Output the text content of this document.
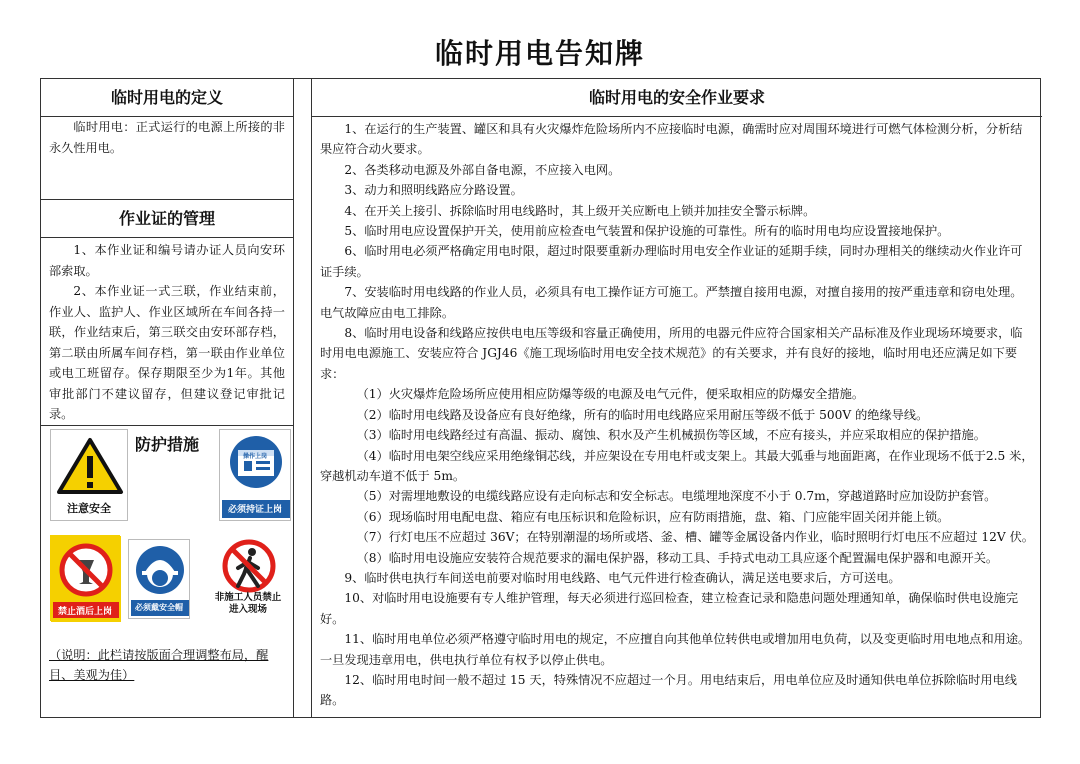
临时用电告知牌
临时用电的定义
临时用电：正式运行的电源上所接的非永久性用电。
作业证的管理
1、本作业证和编号请办证人员向安环部索取。
2、本作业证一式三联，作业结束前，作业人、监护人、作业区域所在车间各持一联，作业结束后，第三联交由安环部存档，第二联由所属车间存档，第一联由作业单位或电工班留存。保存期限至少为1年。其他审批部门不建议留存，但建议登记审批记录。
防护措施
注意安全
操作上岗
必须持证上岗
禁止酒后上岗	必须戴安全帽
非施工人员禁止进入现场
（说明：此栏请按版面合理调整布局，醒目、美观为佳）
临时用电的安全作业要求

1、在运行的生产装置、罐区和具有火灾爆炸危险场所内不应接临时电源，确需时应对周围环境进行可燃气体检测分析，分析结果应符合动火要求。

2、各类移动电源及外部自备电源，不应接入电网。

3、动力和照明线路应分路设置。

4、在开关上接引、拆除临时用电线路时，其上级开关应断电上锁并加挂安全警示标牌。

5、临时用电应设置保护开关，使用前应检查电气装置和保护设施的可靠性。所有的临时用电均应设置接地保护。

6、临时用电必须严格确定用电时限，超过时限要重新办理临时用电安全作业证的延期手续，同时办理相关的继续动火作业许可证手续。

7、安装临时用电线路的作业人员，必须具有电工操作证方可施工。严禁擅自接用电源，对擅自接用的按严重违章和窃电处理。电气故障应由电工排除。

8、临时用电设备和线路应按供电电压等级和容量正确使用，所用的电器元件应符合国家相关产品标准及作业现场环境要求，临时用电电源施工、安装应符合 JGJ46《施工现场临时用电安全技术规范》的有关要求，并有良好的接地，临时用电还应满足如下要求：

（1）火灾爆炸危险场所应使用相应防爆等级的电源及电气元件，便采取相应的防爆安全措施。

（2）临时用电线路及设备应有良好绝缘，所有的临时用电线路应采用耐压等级不低于 500V 的绝缘导线。

（3）临时用电线路经过有高温、振动、腐蚀、积水及产生机械损伤等区域，不应有接头，并应采取相应的保护措施。

（4）临时用电架空线应采用绝缘铜芯线，并应架设在专用电杆或支架上。其最大弧垂与地面距离，在作业现场不低于2.5 米，穿越机动车道不低于 5m。

（5）对需埋地敷设的电缆线路应设有走向标志和安全标志。电缆埋地深度不小于 0.7m，穿越道路时应加设防护套管。

（6）现场临时用电配电盘、箱应有电压标识和危险标识，应有防雨措施，盘、箱、门应能牢固关闭并能上锁。

（7）行灯电压不应超过 36V；在特别潮湿的场所或塔、釜、槽、罐等金属设备内作业，临时照明行灯电压不应超过 12V 伏。

（8）临时用电设施应安装符合规范要求的漏电保护器，移动工具、手持式电动工具应逐个配置漏电保护器和电源开关。

9、临时供电执行车间送电前要对临时用电线路、电气元件进行检查确认，满足送电要求后，方可送电。

10、对临时用电设施要有专人维护管理，每天必须进行巡回检查，建立检查记录和隐患问题处理通知单，确保临时供电设施完好。

11、临时用电单位必须严格遵守临时用电的规定，不应擅自向其他单位转供电或增加用电负荷，以及变更临时用电地点和用途。一旦发现违章用电，供电执行单位有权予以停止供电。

12、临时用电时间一般不超过 15 天，特殊情况不应超过一个月。用电结束后，用电单位应及时通知供电单位拆除临时用电线路。
